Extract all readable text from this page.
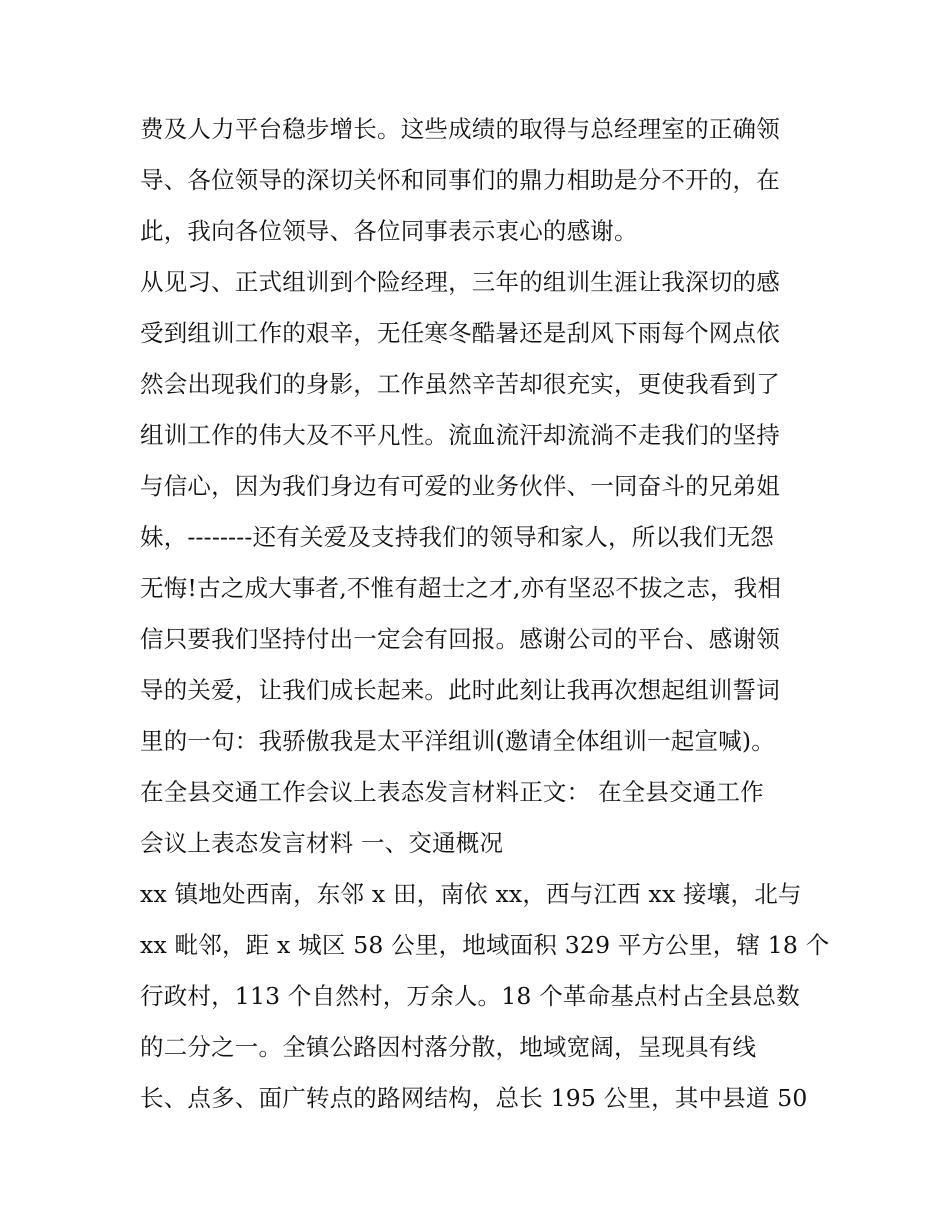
费及人力平台稳步增长。这些成绩的取得与总经理室的正确领
导、各位领导的深切关怀和同事们的鼎力相助是分不开的，在
此，我向各位领导、各位同事表示衷心的感谢。
从见习、正式组训到个险经理，三年的组训生涯让我深切的感
受到组训工作的艰辛，无任寒冬酷暑还是刮风下雨每个网点依
然会出现我们的身影，工作虽然辛苦却很充实，更使我看到了
组训工作的伟大及不平凡性。流血流汗却流淌不走我们的坚持
与信心，因为我们身边有可爱的业务伙伴、一同奋斗的兄弟姐
妹，--------还有关爱及支持我们的领导和家人，所以我们无怨
无悔!古之成大事者,不惟有超士之才,亦有坚忍不拔之志，我相
信只要我们坚持付出一定会有回报。感谢公司的平台、感谢领
导的关爱，让我们成长起来。此时此刻让我再次想起组训誓词
里的一句：我骄傲我是太平洋组训(邀请全体组训一起宣喊)。
在全县交通工作会议上表态发言材料正文： 在全县交通工作
会议上表态发言材料 一、交通概况
xx 镇地处西南，东邻 x 田，南依 xx，西与江西 xx 接壤，北与
xx 毗邻，距 x 城区 58 公里，地域面积 329 平方公里，辖 18 个
行政村，113 个自然村，万余人。18 个革命基点村占全县总数
的二分之一。全镇公路因村落分散，地域宽阔，呈现具有线
长、点多、面广转点的路网结构，总长 195 公里，其中县道 50
